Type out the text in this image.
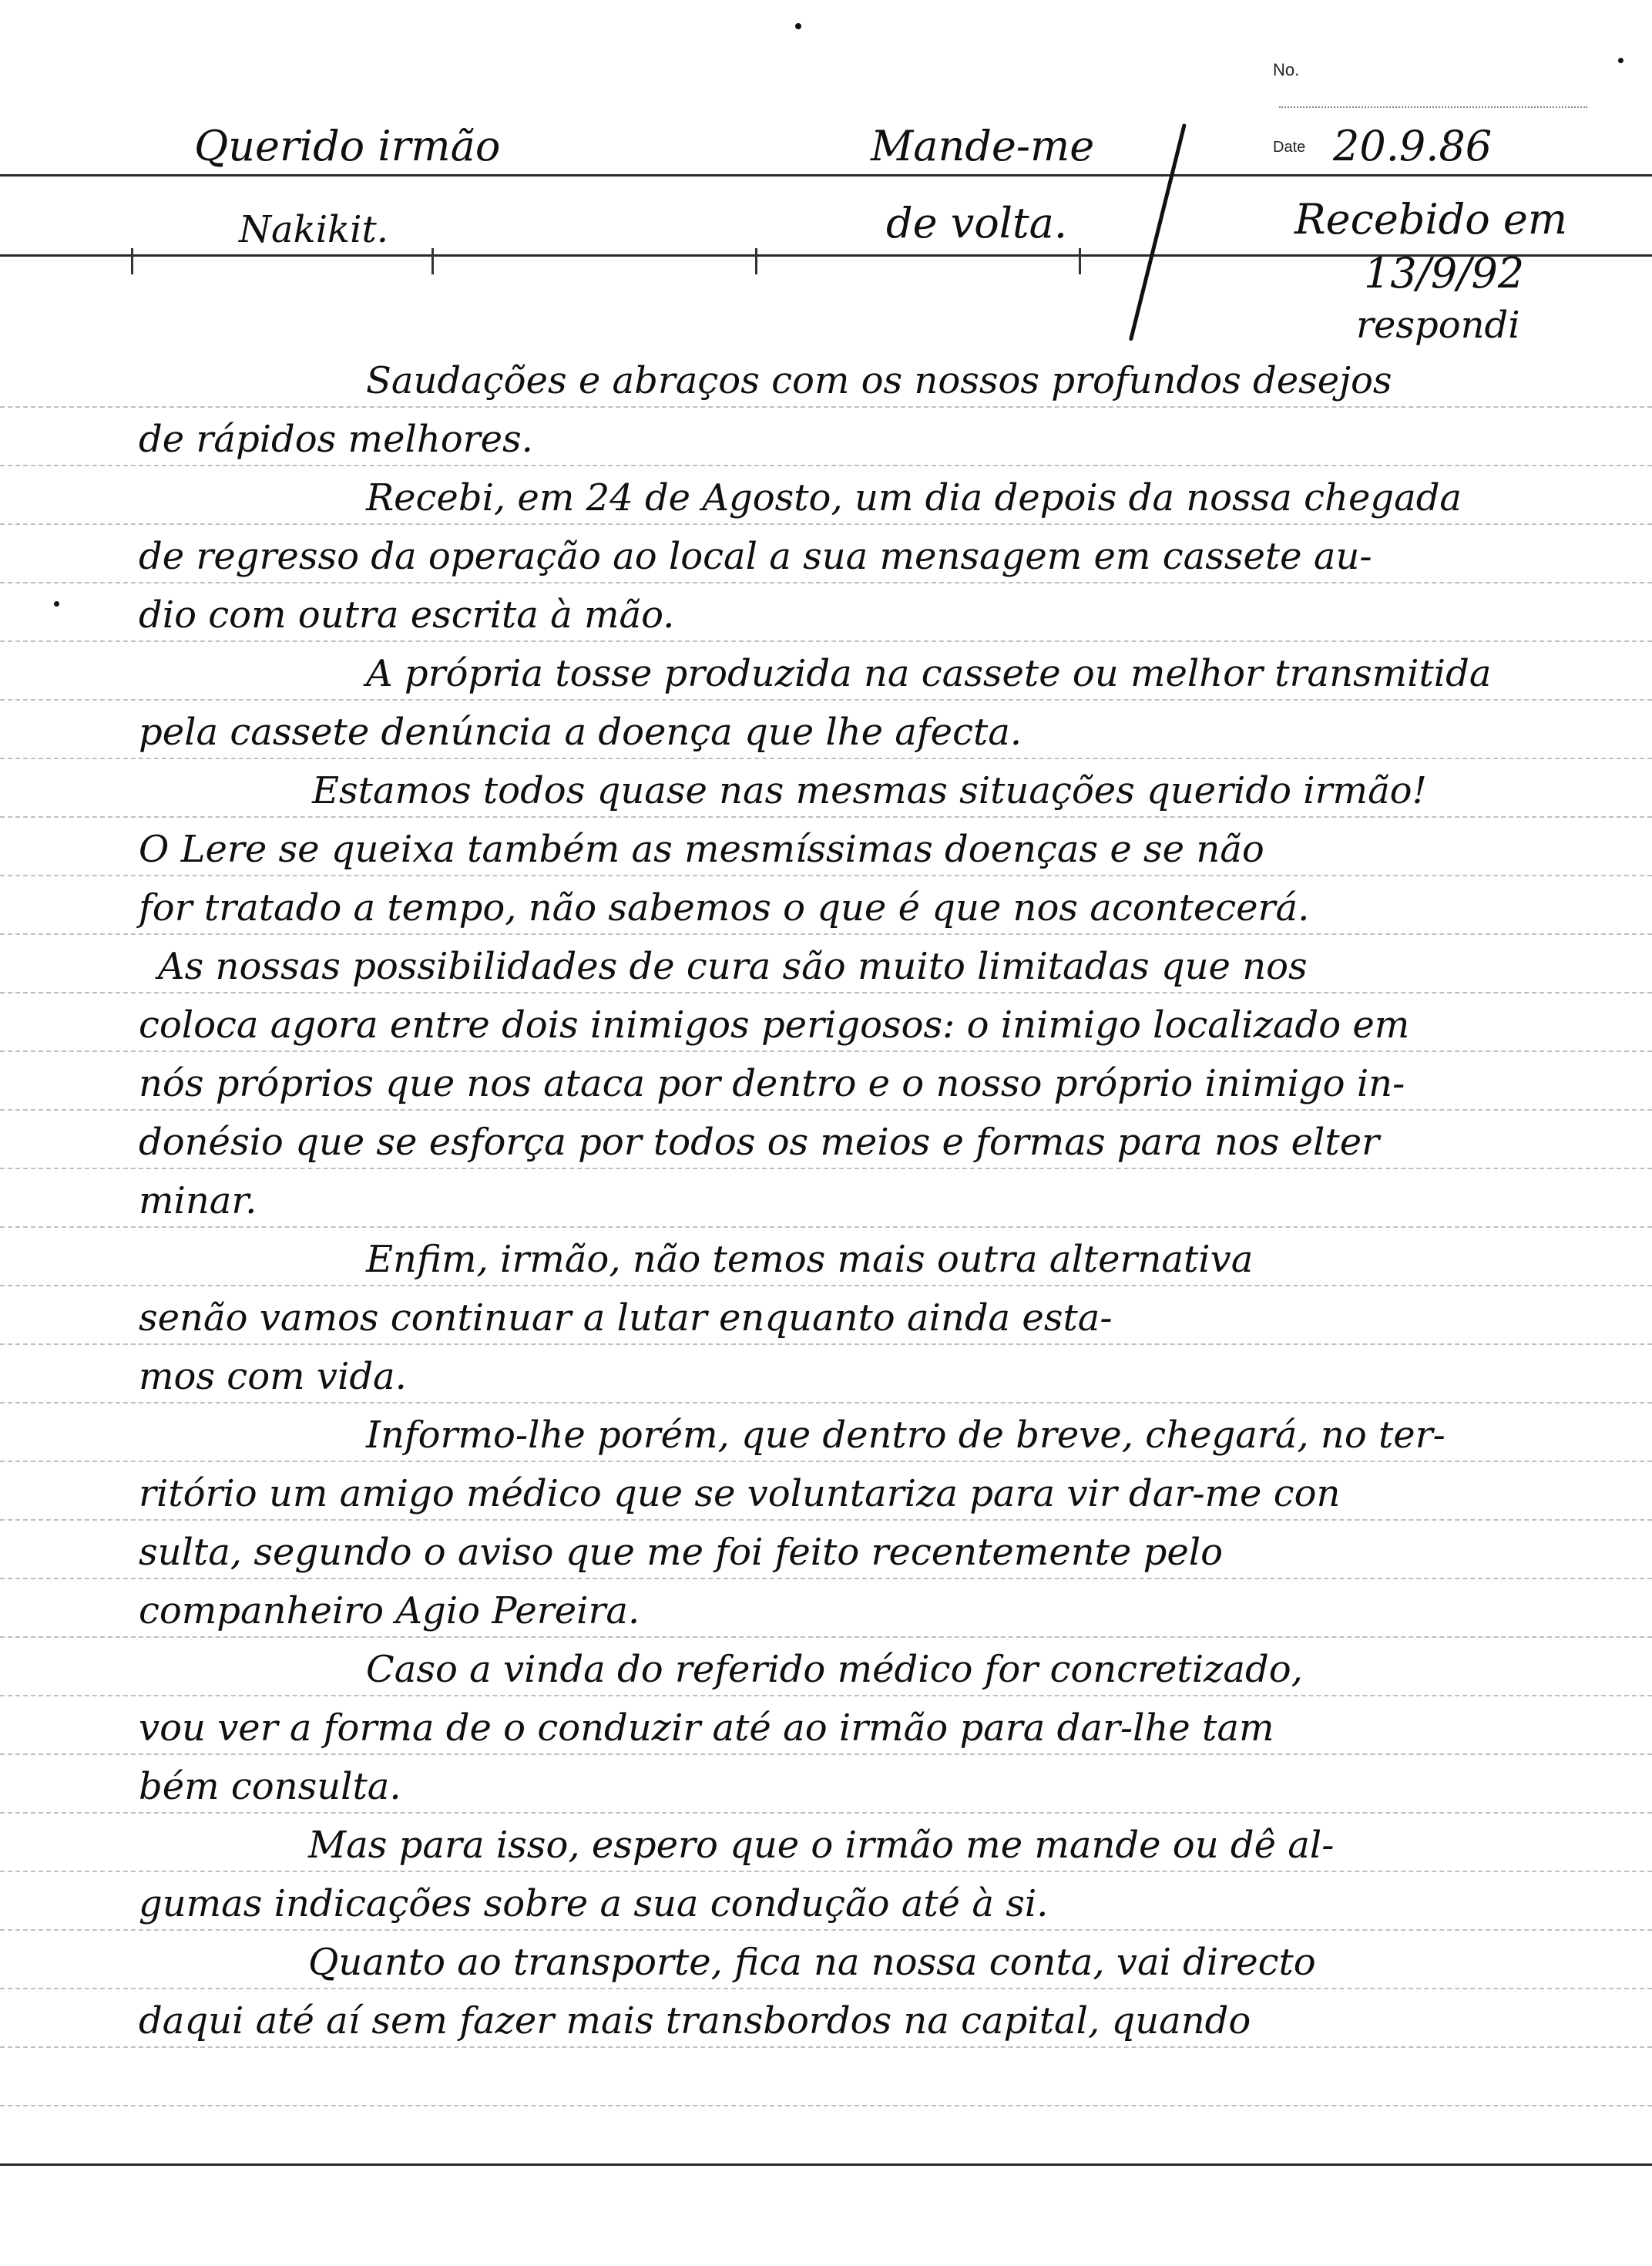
No.
Date
Querido irmão
Nakikit.
Mande-me
de volta.
20.9.86
Recebido em
13/9/92
respondi
Saudações e abraços com os nossos profundos desejos
de rápidos melhores.
Recebi, em 24 de Agosto, um dia depois da nossa chegada
de regresso da operação ao local a sua mensagem em cassete au-
dio com outra escrita à mão.
A própria tosse produzida na cassete ou melhor transmitida
pela cassete denúncia a doença que lhe afecta.
Estamos todos quase nas mesmas situações querido irmão!
O Lere se queixa também as mesmíssimas doenças e se não
for tratado a tempo, não sabemos o que é que nos acontecerá.
As nossas possibilidades de cura são muito limitadas que nos
coloca agora entre dois inimigos perigosos: o inimigo localizado em
nós próprios que nos ataca por dentro e o nosso próprio inimigo in-
donésio que se esforça por todos os meios e formas para nos elter
minar.
Enfim, irmão, não temos mais outra alternativa
senão vamos continuar a lutar enquanto ainda esta-
mos com vida.
Informo-lhe porém, que dentro de breve, chegará, no ter-
ritório um amigo médico que se voluntariza para vir dar-me con
sulta, segundo o aviso que me foi feito recentemente pelo
companheiro Agio Pereira.
Caso a vinda do referido médico for concretizado,
vou ver a forma de o conduzir até ao irmão para dar-lhe tam
bém consulta.
Mas para isso, espero que o irmão me mande ou dê al-
gumas indicações sobre a sua condução até à si.
Quanto ao transporte, fica na nossa conta, vai directo
daqui até aí sem fazer mais transbordos na capital, quando
